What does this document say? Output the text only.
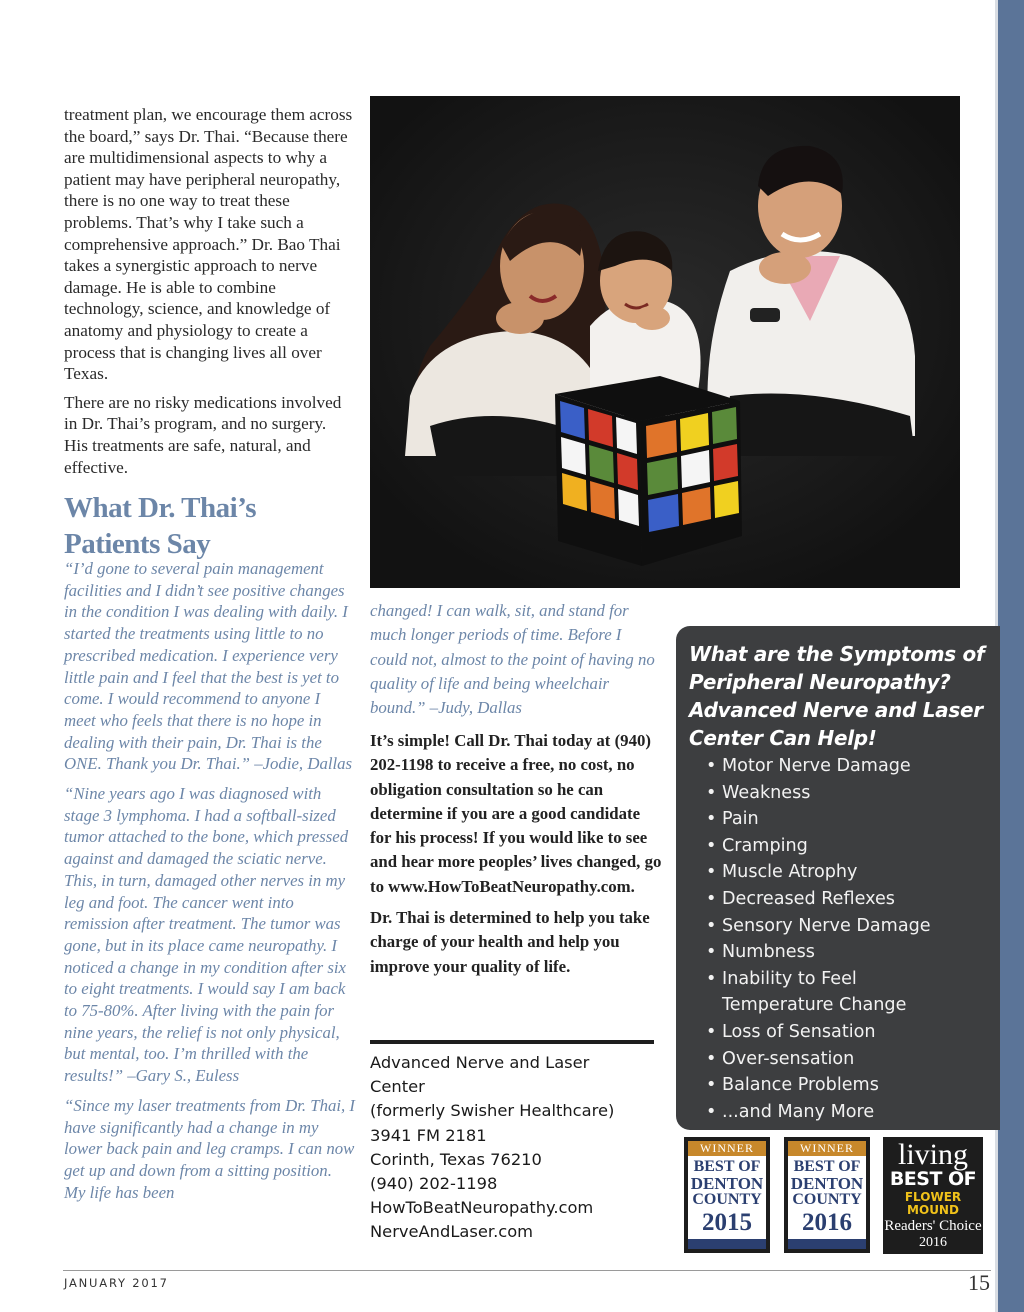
treatment plan, we encourage them across the board,” says Dr. Thai. “Because there are multidimensional aspects to why a patient may have peripheral neuropathy, there is no one way to treat these problems. That’s why I take such a comprehensive approach.” Dr. Bao Thai takes a synergistic approach to nerve damage. He is able to combine technology, science, and knowledge of anatomy and physiology to create a process that is changing lives all over Texas.

There are no risky medications involved in Dr. Thai’s program, and no surgery. His treatments are safe, natural, and effective.

What Dr. Thai’s Patients Say

“I’d gone to several pain management facilities and I didn’t see positive changes in the condition I was dealing with daily. I started the treatments using little to no prescribed medication. I experience very little pain and I feel that the best is yet to come. I would recommend to anyone I meet who feels that there is no hope in dealing with their pain, Dr. Thai is the ONE. Thank you Dr. Thai.” –Jodie, Dallas

“Nine years ago I was diagnosed with stage 3 lymphoma. I had a softball-sized tumor attached to the bone, which pressed against and damaged the sciatic nerve. This, in turn, damaged other nerves in my leg and foot. The cancer went into remission after treatment. The tumor was gone, but in its place came neuropathy. I noticed a change in my condition after six to eight treatments. I would say I am back to 75-80%. After living with the pain for nine years, the relief is not only physical, but mental, too. I’m thrilled with the results!” –Gary S., Euless

“Since my laser treatments from Dr. Thai, I have significantly had a change in my lower back pain and leg cramps. I can now get up and down from a sitting position. My life has been

changed! I can walk, sit, and stand for much longer periods of time. Before I could not, almost to the point of having no quality of life and being wheelchair bound.” –Judy, Dallas

It’s simple! Call Dr. Thai today at (940) 202-1198 to receive a free, no cost, no obligation consultation so he can determine if you are a good candidate for his process! If you would like to see and hear more peoples’ lives changed, go to www.HowToBeatNeuropathy.com.

Dr. Thai is determined to help you take charge of your health and help you improve your quality of life.

Advanced Nerve and Laser Center
(formerly Swisher Healthcare)
3941 FM 2181
Corinth, Texas 76210
(940) 202-1198
HowToBeatNeuropathy.com
NerveAndLaser.com
What are the Symptoms of Peripheral Neuropathy? Advanced Nerve and Laser Center Can Help!
• Motor Nerve Damage
• Weakness
• Pain
• Cramping
• Muscle Atrophy
• Decreased Reflexes
• Sensory Nerve Damage
• Numbness
• Inability to Feel
Temperature Change
• Loss of Sensation
• Over-sensation
• Balance Problems
• ...and Many More
WINNER
BEST OF
DENTON
COUNTY
2015
WINNER
BEST OF
DENTON
COUNTY
2016
living
BEST OF
FLOWER
MOUND
Readers' Choice
2016
JANUARY 2017	15
